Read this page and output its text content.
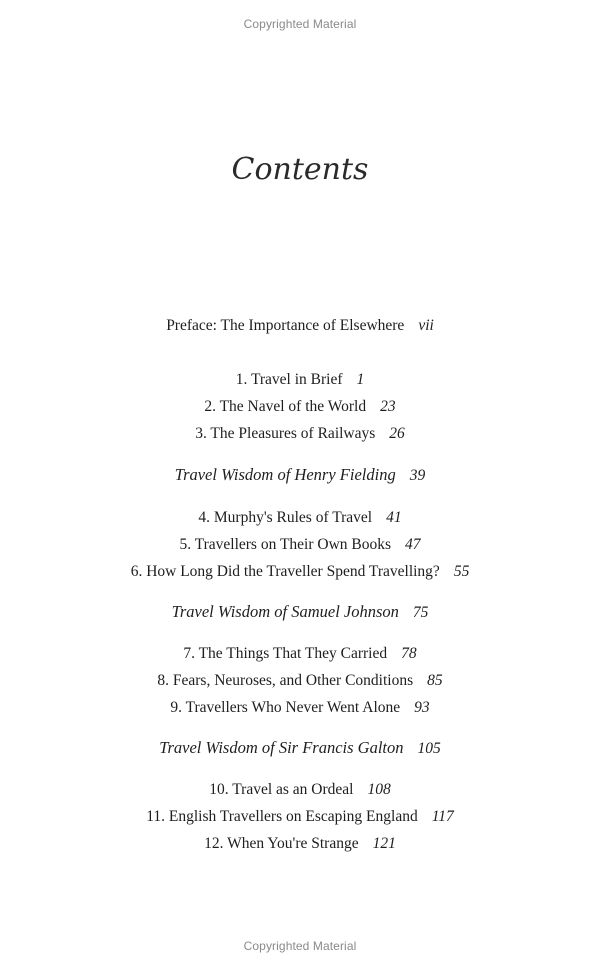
Copyrighted Material
Contents
Preface: The Importance of Elsewhere vii
1. Travel in Brief 1
2. The Navel of the World 23
3. The Pleasures of Railways 26
Travel Wisdom of Henry Fielding 39
4. Murphy's Rules of Travel 41
5. Travellers on Their Own Books 47
6. How Long Did the Traveller Spend Travelling? 55
Travel Wisdom of Samuel Johnson 75
7. The Things That They Carried 78
8. Fears, Neuroses, and Other Conditions 85
9. Travellers Who Never Went Alone 93
Travel Wisdom of Sir Francis Galton 105
10. Travel as an Ordeal 108
11. English Travellers on Escaping England 117
12. When You're Strange 121
Copyrighted Material
